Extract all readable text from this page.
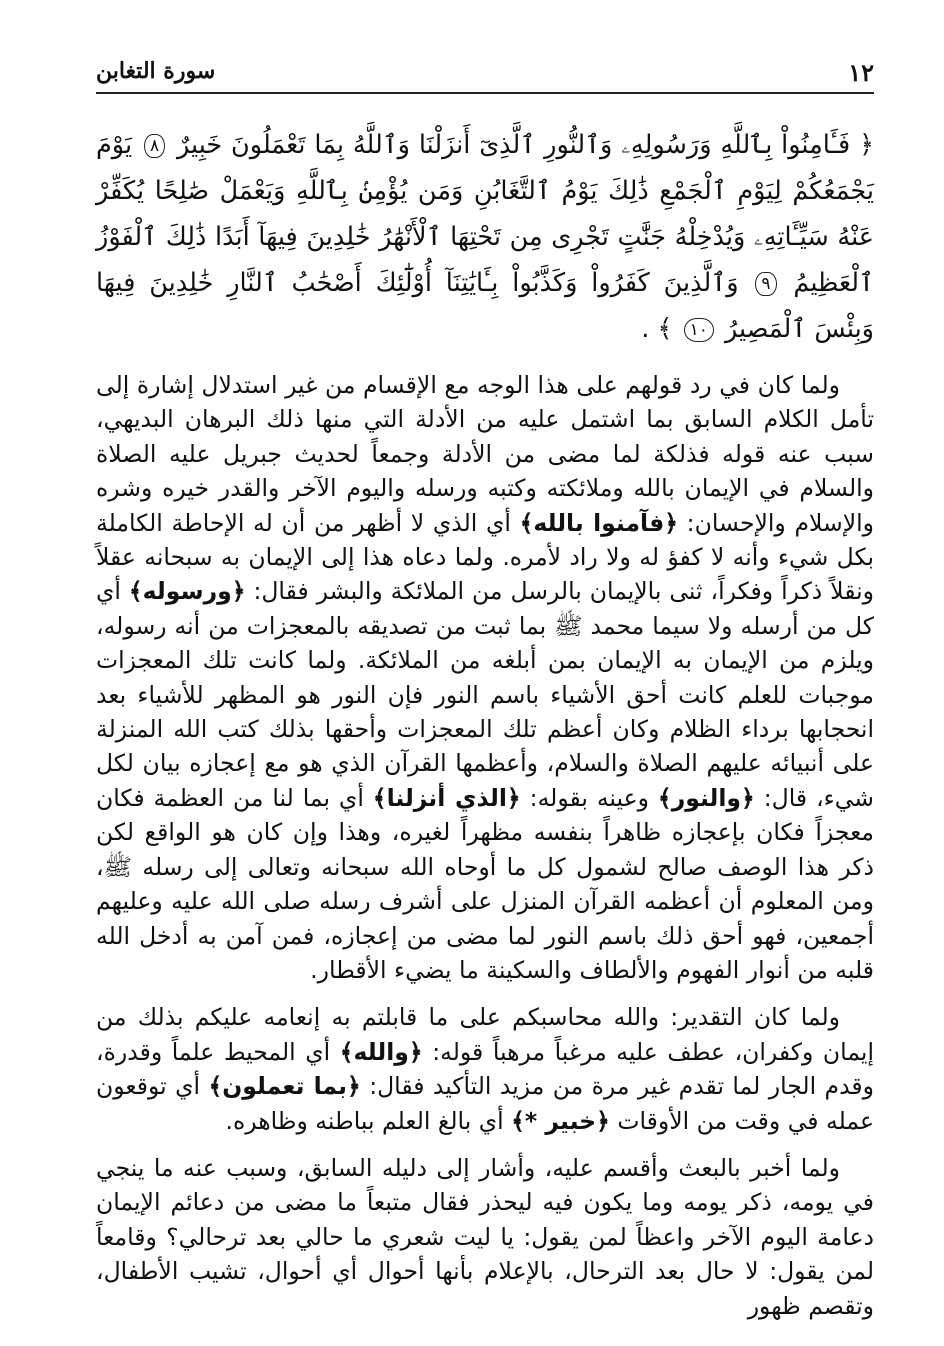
١٢
سورة التغابن
﴿ فَـَٔامِنُواْ بِٱللَّهِ وَرَسُولِهِۦ وَٱلنُّورِ ٱلَّذِىٓ أَنزَلْنَا وَٱللَّهُ بِمَا تَعْمَلُونَ خَبِيرٌ ٨ يَوْمَ يَجْمَعُكُمْ لِيَوْمِ ٱلْجَمْعِ ذَٰلِكَ يَوْمُ ٱلتَّغَابُنِ وَمَن يُؤْمِنۢ بِٱللَّهِ وَيَعْمَلْ صَٰلِحًا يُكَفِّرْ عَنْهُ سَيِّـَٔاتِهِۦ وَيُدْخِلْهُ جَنَّٰتٍ تَجْرِى مِن تَحْتِهَا ٱلْأَنْهَٰرُ خَٰلِدِينَ فِيهَآ أَبَدًا ذَٰلِكَ ٱلْفَوْزُ ٱلْعَظِيمُ ٩ وَٱلَّذِينَ كَفَرُواْ وَكَذَّبُواْ بِـَٔايَٰتِنَآ أُوْلَٰٓئِكَ أَصْحَٰبُ ٱلنَّارِ خَٰلِدِينَ فِيهَا وَبِئْسَ ٱلْمَصِيرُ ١٠ ﴾ .
ولما كان في رد قولهم على هذا الوجه مع الإقسام من غير استدلال إشارة إلى تأمل الكلام السابق بما اشتمل عليه من الأدلة التي منها ذلك البرهان البديهي، سبب عنه قوله فذلكة لما مضى من الأدلة وجمعاً لحديث جبريل عليه الصلاة والسلام في الإيمان بالله وملائكته وكتبه ورسله واليوم الآخر والقدر خيره وشره والإسلام والإحسان: ﴿فآمنوا بالله﴾ أي الذي لا أظهر من أن له الإحاطة الكاملة بكل شيء وأنه لا كفؤ له ولا راد لأمره. ولما دعاه هذا إلى الإيمان به سبحانه عقلاً ونقلاً ذكراً وفكراً، ثنى بالإيمان بالرسل من الملائكة والبشر فقال: ﴿ورسوله﴾ أي كل من أرسله ولا سيما محمد ﷺ بما ثبت من تصديقه بالمعجزات من أنه رسوله، ويلزم من الإيمان به الإيمان بمن أبلغه من الملائكة. ولما كانت تلك المعجزات موجبات للعلم كانت أحق الأشياء باسم النور فإن النور هو المظهر للأشياء بعد انحجابها برداء الظلام وكان أعظم تلك المعجزات وأحقها بذلك كتب الله المنزلة على أنبيائه عليهم الصلاة والسلام، وأعظمها القرآن الذي هو مع إعجازه بيان لكل شيء، قال: ﴿والنور﴾ وعينه بقوله: ﴿الذي أنزلنا﴾ أي بما لنا من العظمة فكان معجزاً فكان بإعجازه ظاهراً بنفسه مظهراً لغيره، وهذا وإن كان هو الواقع لكن ذكر هذا الوصف صالح لشمول كل ما أوحاه الله سبحانه وتعالى إلى رسله ﷺ، ومن المعلوم أن أعظمه القرآن المنزل على أشرف رسله صلى الله عليه وعليهم أجمعين، فهو أحق ذلك باسم النور لما مضى من إعجازه، فمن آمن به أدخل الله قلبه من أنوار الفهوم والألطاف والسكينة ما يضيء الأقطار.
ولما كان التقدير: والله محاسبكم على ما قابلتم به إنعامه عليكم بذلك من إيمان وكفران، عطف عليه مرغباً مرهباً قوله: ﴿والله﴾ أي المحيط علماً وقدرة، وقدم الجار لما تقدم غير مرة من مزيد التأكيد فقال: ﴿بما تعملون﴾ أي توقعون عمله في وقت من الأوقات ﴿خبير *﴾ أي بالغ العلم بباطنه وظاهره.
ولما أخبر بالبعث وأقسم عليه، وأشار إلى دليله السابق، وسبب عنه ما ينجي في يومه، ذكر يومه وما يكون فيه ليحذر فقال متبعاً ما مضى من دعائم الإيمان دعامة اليوم الآخر واعظاً لمن يقول: يا ليت شعري ما حالي بعد ترحالي؟ وقامعاً لمن يقول: لا حال بعد الترحال، بالإعلام بأنها أحوال أي أحوال، تشيب الأطفال، وتقصم ظهور
